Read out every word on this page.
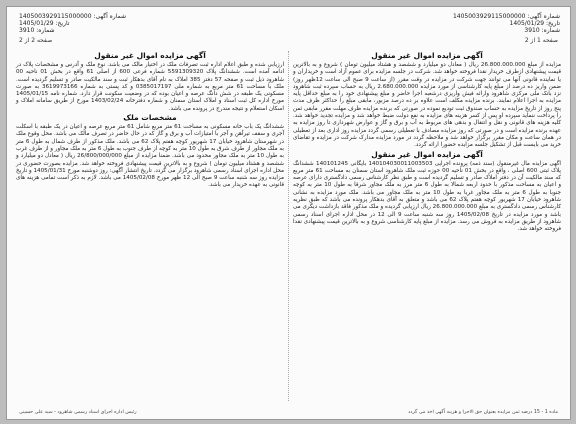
شماره آگهی: 1405003929115000000
تاریخ: 1405/01/29
شماره: 3910
شماره آگهی: 1405003929115000000
تاریخ: 1405/01/29
شماره: 3910
صفحه 1 از 2
صفحه 2 از 2
آگهی مزایده اموال غیر منقول

مزایده از مبلغ 26.800.000.000 ریال ( معادل دو میلیارد و ششصد و هشتاد میلیون تومان ) شروع و به بالاترین قیمت پیشنهادی ازطرف خریدار نقدا فروخته خواهد شد. شرکت در جلسه مزایده برای عموم آزاد است و خریداران و یا نماینده قانونی آنها می توانند جهت شرکت در مزایده در وقت مقرر (از ساعت 9 صبح الی ساعت 12ظهر روز) ضمن واریز ده درصد از مبلغ پایه کارشناسی از مورد مزایده 2.680.000.000 ریال به حساب سپرده ثبت شاهرود نزد بانک ملی مرکزی شاهرود وارائه فیش واریزی درشعبه اجرا حاضر و مبلغ پیشنهادی خود را به مبلغ حداقل پایه مزایده به اجرا اعلام نمایند. برنده مزایده مکلف است علاوه بر ده درصد مزبور، مابقی مبلغ را حداکثر ظرف مدت پنج روز از تاریخ مزایده به حساب صندوق ثبت تودیع نموده در صورتی که برنده مزایده ظرف مهلت مقرر مابقی ثمن را پرداخت ننماید سپرده او پس از کسر هزینه های مزایده به نفع دولت ضبط خواهد شد و مزایده تجدید خواهد شد. کلیه هزینه های قانونی و نقل و انتقال و بدهی های مربوط به آب و برق و گاز و عوارض شهرداری تا روز مزایده به عهده برنده مزایده است و در صورتی که روز مزایده مصادف با تعطیلی رسمی گردد مزایده روز اداری بعد از تعطیلی در همان ساعت و مکان مقرر برگزار خواهد شد و ملاحظه گردد در مورد مزایده مدارک شرکت در مزایده و تقاضای خرید می بایست قبل از تشکیل جلسه مزایده حضورا ارائه گردد.

آگهی مزایده اموال غیر منقول

اگهی مزایده مال غیرمنقول (سند ذمه) پرونده اجرایی 140104030011003503 بایگانی 140101245 ششدانگ پلاک ثبتی 600 اصلی ، واقع در بخش 01 ناحیه 00 حوزه ثبت ملک شاهرود استان سمنان به مساحت 61 متر مربع که سند مالکیت آن در دفتر املاک صادر و تسلیم گردیده است و طبق نظر کارشناس رسمی دادگستری دارای عرصه و اعیان به مساحت مذکور با حدود اربعه شمالا به طول 6 متر مرز به ملک مجاور شرقا به طول 10 متر به کوچه جنوبا به طول 6 متر به ملک مجاور غربا به طول 10 متر به ملک مجاور می باشد. ملک مورد مزایده به نشانی شاهرود خیابان 17 شهریور کوچه هفتم پلاک 62 می باشد و متعلق به آقای بدهکار پرونده می باشد که طبق نظریه کارشناس رسمی دادگستری به مبلغ 26.800.000.000 ریال ارزیابی گردیده و ملک مذکور فاقد بازداشت دیگری می باشد و مورد مزایده در تاریخ 1405/02/08 روز سه شنبه ساعت 9 الی 12 در محل اداره اجرای اسناد رسمی شاهرود از طریق مزایده به فروش می رسد. مزایده از مبلغ پایه کارشناسی شروع و به بالاترین قیمت پیشنهادی نقدا فروخته خواهد شد.

آگهی مزایده اموال غیر منقول

ارزیابی شده و طبق اعلام اداره ثبت تصرفات ملک در اختیار مالک می باشد. نوع ملک و آدرس و مشخصات پلاک در ادامه آمده است. ششدانگ پلاک 5591309320 شماره فرعی 600 از اصلی 61 واقع در بخش 01 ناحیه 00 شاهرود ذیل ثبت و صفحه 57 دفتر 385 املاک به نام آقای بدهکار ثبت و سند مالکیت صادر و تسلیم گردیده است. ملک با مساحت 61 متر مربع به شماره ملی 0385017197 و کد پستی به شماره 3619973166 به صورت مسکونی یک طبقه در شش دانگ عرصه و اعیان بوده که در وضعیت سکونت قرار دارد. شماره نامه 1405/01/15 مورخ اداره کل ثبت اسناد و املاک استان سمنان و شماره دفترخانه 1403/02/24 مورخ از طریق سامانه املاک و اسکان استعلام و نتیجه مندرج در پرونده می باشد.

مشخصات ملک

ششدانگ یک باب خانه مسکونی به مساحت 61 متر مربع شامل 61 متر مربع عرصه و اعیان در یک طبقه با اسکلت آجری و سقف تیرآهن و آجر با امتیازات آب و برق و گاز که در حال حاضر در تصرف مالک می باشد. محل وقوع ملک در شهرستان شاهرود خیابان 17 شهریور کوچه هفتم پلاک 62 می باشد. ملک مذکور از طرف شمال به طول 6 متر به ملک مجاور از طرف شرق به طول 10 متر به کوچه از طرف جنوب به طول 6 متر به ملک مجاور و از طرف غرب به طول 10 متر به ملک مجاور محدود می باشد. ضمنا مزایده از مبلغ 26/800/000/000 ریال ( معادل دو میلیارد و ششصد و هشتاد میلیون تومان ) شروع و به بالاترین قیمت پیشنهادی فروخته خواهد شد. مزایده بصورت حضوری در محل اداره اجرای اسناد رسمی شاهرود برگزار می گردد. تاریخ انتشار آگهی: روز دوشنبه مورخ 1405/01/31 و تاریخ مزایده روز سه شنبه ساعت 9 صبح الی 12 ظهر مورخ 1405/02/08 می باشد. لازم به ذکر است تمامی هزینه های قانونی به عهده خریدار می باشد.

ماده 1 - 15 درصد ثمن مزایده بعنوان حق الاجرا و هزینه آگهی اخذ می گردد
رئیس اداره اجرای اسناد رسمی شاهرود - سید علی حسینی
